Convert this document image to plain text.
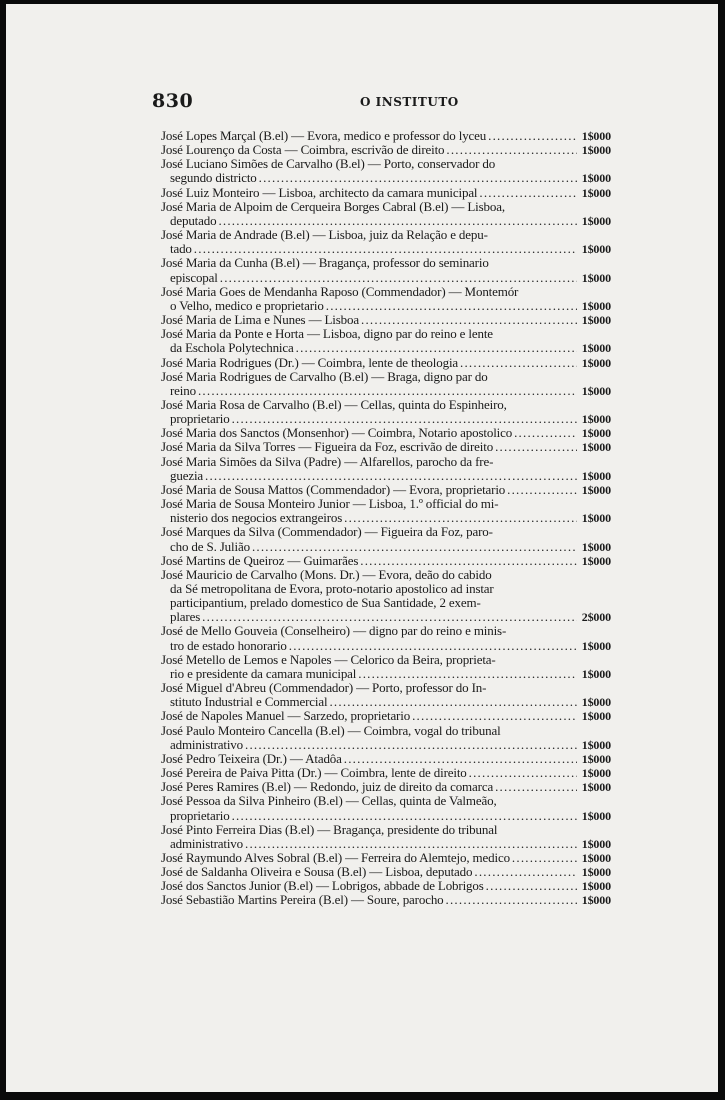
830	O INSTITUTO
José Lopes Marçal (B.el) — Evora, medico e professor do lyceu .....	1$000
José Lourenço da Costa — Coimbra, escrivão de direito .....	1$000
José Luciano Simões de Carvalho (B.el) — Porto, conservador do
segundo districto .....	1$000
José Luiz Monteiro — Lisboa, architecto da camara municipal .....	1$000
José Maria de Alpoim de Cerqueira Borges Cabral (B.el) — Lisboa,
deputado .....	1$000
José Maria de Andrade (B.el) — Lisboa, juiz da Relação e depu-
tado .....	1$000
José Maria da Cunha (B.el) — Bragança, professor do seminario
episcopal .....	1$000
José Maria Goes de Mendanha Raposo (Commendador) — Montemór
o Velho, medico e proprietario .....	1$000
José Maria de Lima e Nunes — Lisboa .....	1$000
José Maria da Ponte e Horta — Lisboa, digno par do reino e lente
da Eschola Polytechnica .....	1$000
José Maria Rodrigues (Dr.) — Coimbra, lente de theologia .....	1$000
José Maria Rodrigues de Carvalho (B.el) — Braga, digno par do
reino .....	1$000
José Maria Rosa de Carvalho (B.el) — Cellas, quinta do Espinheiro,
proprietario .....	1$000
José Maria dos Sanctos (Monsenhor) — Coimbra, Notario apostolico .....	1$000
José Maria da Silva Torres — Figueira da Foz, escrivão de direito .....	1$000
José Maria Simões da Silva (Padre) — Alfarellos, parocho da fre-
guezia .....	1$000
José Maria de Sousa Mattos (Commendador) — Evora, proprietario .....	1$000
José Maria de Sousa Monteiro Junior — Lisboa, 1.º official do mi-
nisterio dos negocios extrangeiros .....	1$000
José Marques da Silva (Commendador) — Figueira da Foz, paro-
cho de S. Julião .....	1$000
José Martins de Queiroz — Guimarães .....	1$000
José Mauricio de Carvalho (Mons. Dr.) — Evora, deão do cabido
da Sé metropolitana de Evora, proto-notario apostolico ad instar
participantium, prelado domestico de Sua Santidade, 2 exem-
plares .....	2$000
José de Mello Gouveia (Conselheiro) — digno par do reino e minis-
tro de estado honorario .....	1$000
José Metello de Lemos e Napoles — Celorico da Beira, proprieta-
rio e presidente da camara municipal .....	1$000
José Miguel d'Abreu (Commendador) — Porto, professor do In-
stituto Industrial e Commercial .....	1$000
José de Napoles Manuel — Sarzedo, proprietario .....	1$000
José Paulo Monteiro Cancella (B.el) — Coimbra, vogal do tribunal
administrativo .....	1$000
José Pedro Teixeira (Dr.) — Atadôa .....	1$000
José Pereira de Paiva Pitta (Dr.) — Coimbra, lente de direito .....	1$000
José Peres Ramires (B.el) — Redondo, juiz de direito da comarca .....	1$000
José Pessoa da Silva Pinheiro (B.el) — Cellas, quinta de Valmeão,
proprietario .....	1$000
José Pinto Ferreira Dias (B.el) — Bragança, presidente do tribunal
administrativo .....	1$000
José Raymundo Alves Sobral (B.el) — Ferreira do Alemtejo, medico .....	1$000
José de Saldanha Oliveira e Sousa (B.el) — Lisboa, deputado .....	1$000
José dos Sanctos Junior (B.el) — Lobrigos, abbade de Lobrigos .....	1$000
José Sebastião Martins Pereira (B.el) — Soure, parocho .....	1$000
